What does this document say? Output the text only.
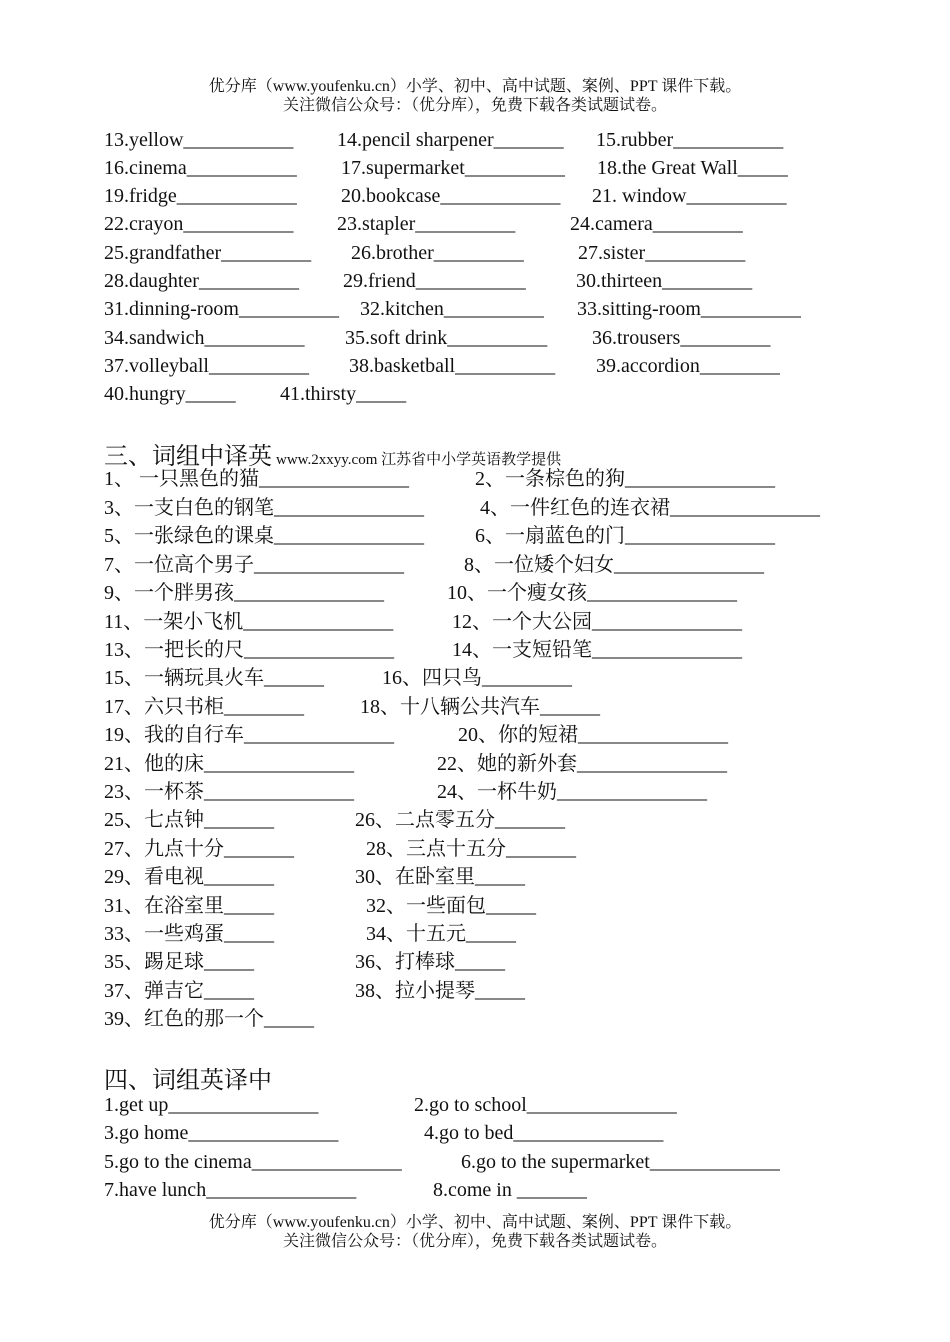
优分库（www.youfenku.cn）小学、初中、高中试题、案例、PPT 课件下载。
关注微信公众号：（优分库），免费下载各类试题试卷。
13.yellow___________ 14.pencil sharpener_______ 15.rubber___________
16.cinema___________ 17.supermarket__________ 18.the Great Wall_____
19.fridge____________ 20.bookcase____________ 21. window__________
22.crayon___________ 23.stapler__________	24.camera_________
25.grandfather_________ 26.brother_________	27.sister__________
28.daughter__________ 29.friend___________	30.thirteen_________
31.dinning-room__________ 32.kitchen__________ 33.sitting-room__________
34.sandwich__________ 35.soft drink__________ 36.trousers_________
37.volleyball__________ 38.basketball__________ 39.accordion________
40.hungry_____ 41.thirsty_____
三、词组中译英 www.2xxyy.com 江苏省中小学英语教学提供
1、 一只黑色的猫_______________	2、一条棕色的狗_______________
3、一支白色的钢笔_______________	4、一件红色的连衣裙_______________
5、一张绿色的课桌_______________	6、一扇蓝色的门_______________
7、一位高个男子_______________	8、一位矮个妇女_______________
9、一个胖男孩_______________	10、一个瘦女孩_______________
11、一架小飞机_______________	12、一个大公园_______________
13、一把长的尺_______________	14、一支短铅笔_______________
15、一辆玩具火车______	16、四只鸟_________
17、六只书柜________	18、十八辆公共汽车______
19、我的自行车_______________	20、你的短裙_______________
21、他的床_______________	22、她的新外套_______________
23、一杯茶_______________	24、一杯牛奶_______________
25、七点钟_______	26、二点零五分_______
27、九点十分_______	28、三点十五分_______
29、看电视_______	30、在卧室里_____
31、在浴室里_____	32、一些面包_____
33、一些鸡蛋_____	34、十五元_____
35、踢足球_____	36、打棒球_____
37、弹吉它_____	38、拉小提琴_____
39、红色的那一个_____
四、词组英译中
1.get up_______________	2.go to school_______________
3.go home_______________	4.go to bed_______________
5.go to the cinema_______________	6.go to the supermarket_____________
7.have lunch_______________	8.come in _______
优分库（www.youfenku.cn）小学、初中、高中试题、案例、PPT 课件下载。
关注微信公众号：（优分库），免费下载各类试题试卷。
